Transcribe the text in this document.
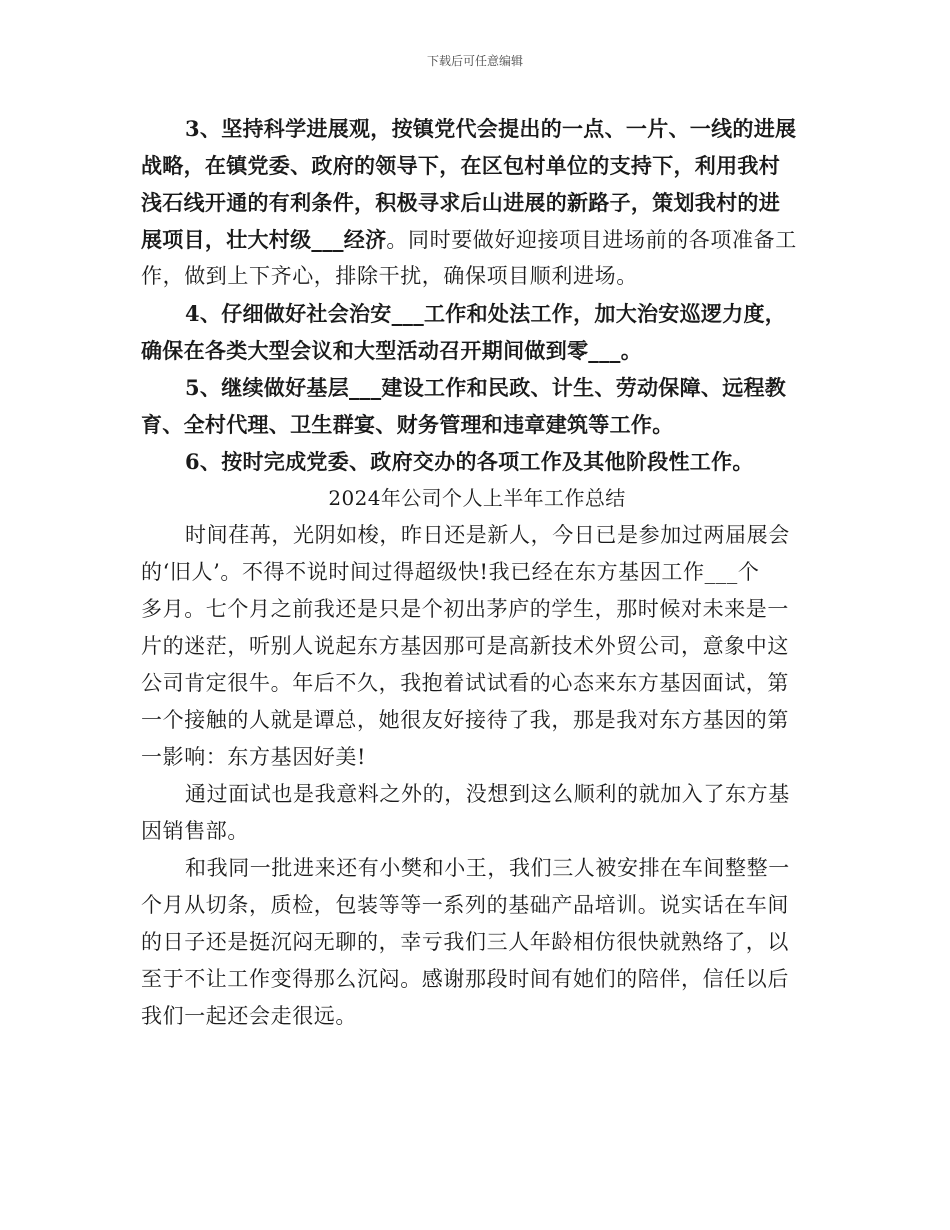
下载后可任意编辑
3、坚持科学进展观，按镇党代会提出的一点、一片、一线的进展
战略，在镇党委、政府的领导下，在区包村单位的支持下，利用我村
浅石线开通的有利条件，积极寻求后山进展的新路子，策划我村的进
展项目，壮大村级___经济。同时要做好迎接项目进场前的各项准备工
作，做到上下齐心，排除干扰，确保项目顺利进场。
4、仔细做好社会治安___工作和处法工作，加大治安巡逻力度，
确保在各类大型会议和大型活动召开期间做到零___。
5、继续做好基层___建设工作和民政、计生、劳动保障、远程教
育、全村代理、卫生群宴、财务管理和违章建筑等工作。
6、按时完成党委、政府交办的各项工作及其他阶段性工作。
2024年公司个人上半年工作总结
时间荏苒，光阴如梭，昨日还是新人，今日已是参加过两届展会
的‘旧人’。不得不说时间过得超级快!我已经在东方基因工作___个
多月。七个月之前我还是只是个初出茅庐的学生，那时候对未来是一
片的迷茫，听别人说起东方基因那可是高新技术外贸公司，意象中这
公司肯定很牛。年后不久，我抱着试试看的心态来东方基因面试，第
一个接触的人就是谭总，她很友好接待了我，那是我对东方基因的第
一影响：东方基因好美!
通过面试也是我意料之外的，没想到这么顺利的就加入了东方基
因销售部。
和我同一批进来还有小樊和小王，我们三人被安排在车间整整一
个月从切条，质检，包装等等一系列的基础产品培训。说实话在车间
的日子还是挺沉闷无聊的，幸亏我们三人年龄相仿很快就熟络了，以
至于不让工作变得那么沉闷。感谢那段时间有她们的陪伴，信任以后
我们一起还会走很远。
